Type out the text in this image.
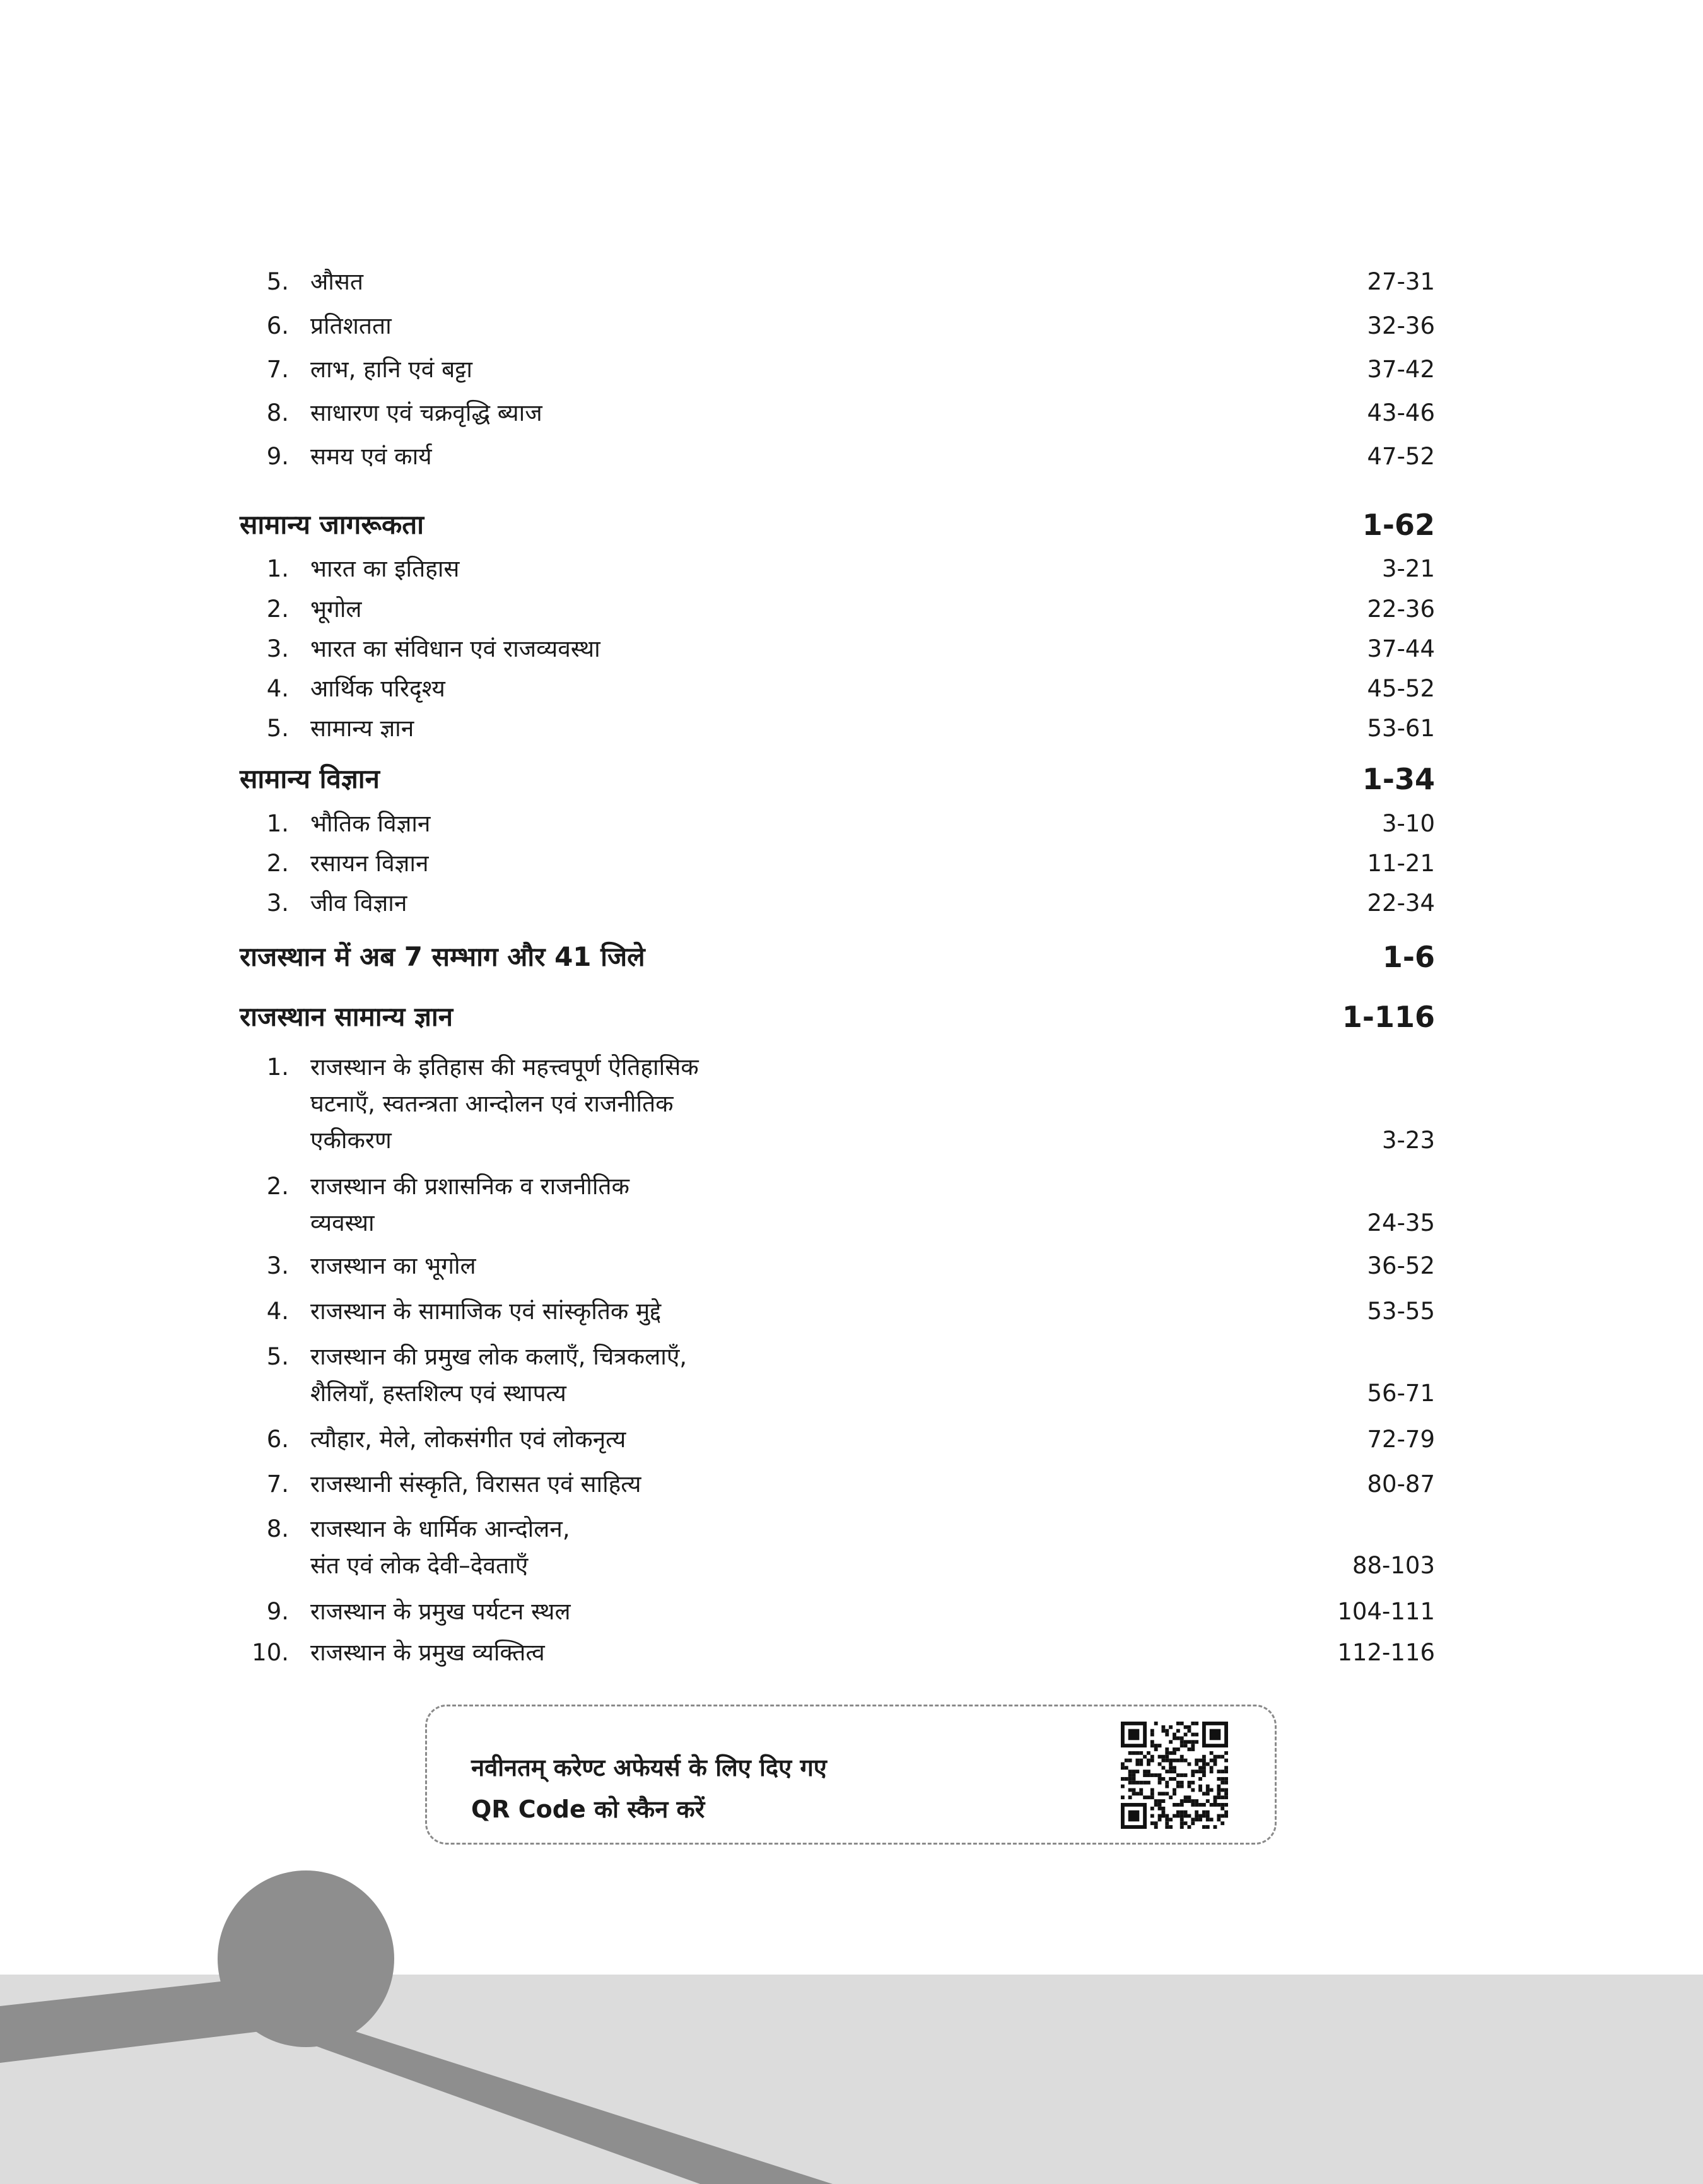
5. औसत	27-31
6. प्रतिशतता	32-36
7. लाभ, हानि एवं बट्टा	37-42
8. साधारण एवं चक्रवृद्धि ब्याज	43-46
9. समय एवं कार्य	47-52
सामान्य जागरूकता	1-62
1. भारत का इतिहास	3-21
2. भूगोल	22-36
3. भारत का संविधान एवं राजव्यवस्था	37-44
4. आर्थिक परिदृश्य	45-52
5. सामान्य ज्ञान	53-61
सामान्य विज्ञान	1-34
1. भौतिक विज्ञान	3-10
2. रसायन विज्ञान	11-21
3. जीव विज्ञान	22-34
राजस्थान में अब 7 सम्भाग और 41 जिले	1-6
राजस्थान सामान्य ज्ञान	1-116
1. राजस्थान के इतिहास की महत्त्वपूर्ण ऐतिहासिक
घटनाएँ, स्वतन्त्रता आन्दोलन एवं राजनीतिक
एकीकरण	3-23
2. राजस्थान की प्रशासनिक व राजनीतिक
व्यवस्था	24-35
3. राजस्थान का भूगोल	36-52
4. राजस्थान के सामाजिक एवं सांस्कृतिक मुद्दे	53-55
5. राजस्थान की प्रमुख लोक कलाएँ, चित्रकलाएँ,
शैलियाँ, हस्तशिल्प एवं स्थापत्य	56-71
6. त्यौहार, मेले, लोकसंगीत एवं लोकनृत्य	72-79
7. राजस्थानी संस्कृति, विरासत एवं साहित्य	80-87
8. राजस्थान के धार्मिक आन्दोलन,
संत एवं लोक देवी–देवताएँ	88-103
9. राजस्थान के प्रमुख पर्यटन स्थल	104-111
10. राजस्थान के प्रमुख व्यक्तित्व	112-116
नवीनतम् करेण्ट अफेयर्स के लिए दिए गए
QR Code को स्कैन करें
